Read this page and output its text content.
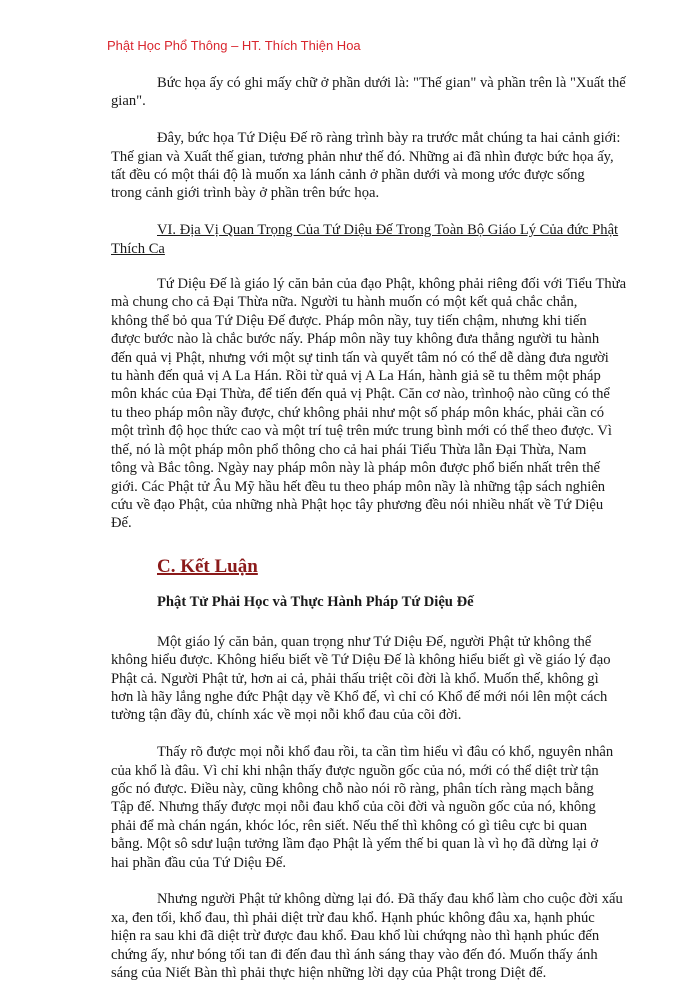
Phật Học Phổ Thông – HT. Thích Thiện Hoa
Bức họa ấy có ghi mấy chữ ở phần dưới là: "Thế gian" và phần trên là "Xuất thế
gian".
Đây, bức họa Tứ Diệu Đế rõ ràng trình bày ra trước mắt chúng ta hai cảnh giới:
Thế gian và Xuất thế gian, tương phản như thế đó. Những ai đã nhìn được bức họa ấy,
tất đều có một thái độ là muốn xa lánh cảnh ở phần dưới và mong ước được sống
trong cảnh giới trình bày ở phần trên bức họa.
VI. Địa Vị Quan Trọng Của Tứ Diệu Đế Trong Toàn Bộ Giáo Lý Của đức Phật
Thích Ca
Tứ Diệu Đế là giáo lý căn bản của đạo Phật, không phải riêng đối với Tiểu Thừa
mà chung cho cả Đại Thừa nữa. Người tu hành muốn có một kết quả chắc chắn,
không thể bỏ qua Tứ Diệu Đế được. Pháp môn nầy, tuy tiến chậm, nhưng khi tiến
được bước nào là chắc bước nấy. Pháp môn nầy tuy không đưa thẳng người tu hành
đến quả vị Phật, nhưng với một sự tinh tấn và quyết tâm nó có thể dễ dàng đưa người
tu hành đến quả vị A La Hán. Rồi từ quả vị A La Hán, hành giả sẽ tu thêm một pháp
môn khác của Đại Thừa, để tiến đến quả vị Phật. Căn cơ nào, trìnhoộ nào cũng có thể
tu theo pháp môn nầy được, chứ không phải như một số pháp môn khác, phải cần có
một trình độ học thức cao và một trí tuệ trên mức trung bình mới có thể theo được. Vì
thế, nó là một pháp môn phổ thông cho cả hai phái Tiểu Thừa lẫn Đại Thừa, Nam
tông và Bắc tông. Ngày nay pháp môn này là pháp môn được phổ biến nhất trên thế
giới. Các Phật tử Âu Mỹ hầu hết đều tu theo pháp môn nầy là những tập sách nghiên
cứu về đạo Phật, của những nhà Phật học tây phương đều nói nhiều nhất về Tứ Diệu
Đế.
C. Kết Luận
Phật Tử Phải Học và Thực Hành Pháp Tứ Diệu Đế
Một giáo lý căn bản, quan trọng như Tứ Diệu Đế, người Phật tử không thể
không hiểu được. Không hiểu biết về Tứ Diệu Đế là không hiểu biết gì về giáo lý đạo
Phật cả. Người Phật tử, hơn ai cả, phải thấu triệt cõi đời là khổ. Muốn thế, không gì
hơn là hãy lắng nghe đức Phật dạy về Khổ đế, vì chỉ có Khổ đế mới nói lên một cách
tường tận đầy đủ, chính xác về mọi nỗi khổ đau của cõi đời.
Thấy rõ được mọi nỗi khổ đau rồi, ta cần tìm hiểu vì đâu có khổ, nguyên nhân
của khổ là đâu. Vì chỉ khi nhận thấy được nguồn gốc của nó, mới có thể diệt trừ tận
gốc nó được. Điều này, cũng không chỗ nào nói rõ ràng, phân tích ràng mạch bằng
Tập đế. Nhưng thấy được mọi nỗi đau khổ của cõi đời và nguồn gốc của nó, không
phải để mà chán ngán, khóc lóc, rên siết. Nếu thế thì không có gì tiêu cực bi quan
bằng. Một sô sdư luận tưởng lầm đạo Phật là yếm thế bi quan là vì họ đã dừng lại ở
hai phần đầu của Tứ Diệu Đế.
Nhưng người Phật tử không dừng lại đó. Đã thấy đau khổ làm cho cuộc đời xấu
xa, đen tối, khổ đau, thì phải diệt trừ đau khổ. Hạnh phúc không đâu xa, hạnh phúc
hiện ra sau khi đã diệt trừ được đau khổ. Đau khổ lùi chứqng nào thì hạnh phúc đến
chứng ấy, như bóng tối tan đi đến đau thì ánh sáng thay vào đến đó. Muốn thấy ánh
sáng của Niết Bàn thì phải thực hiện những lời dạy của Phật trong Diệt đế.
